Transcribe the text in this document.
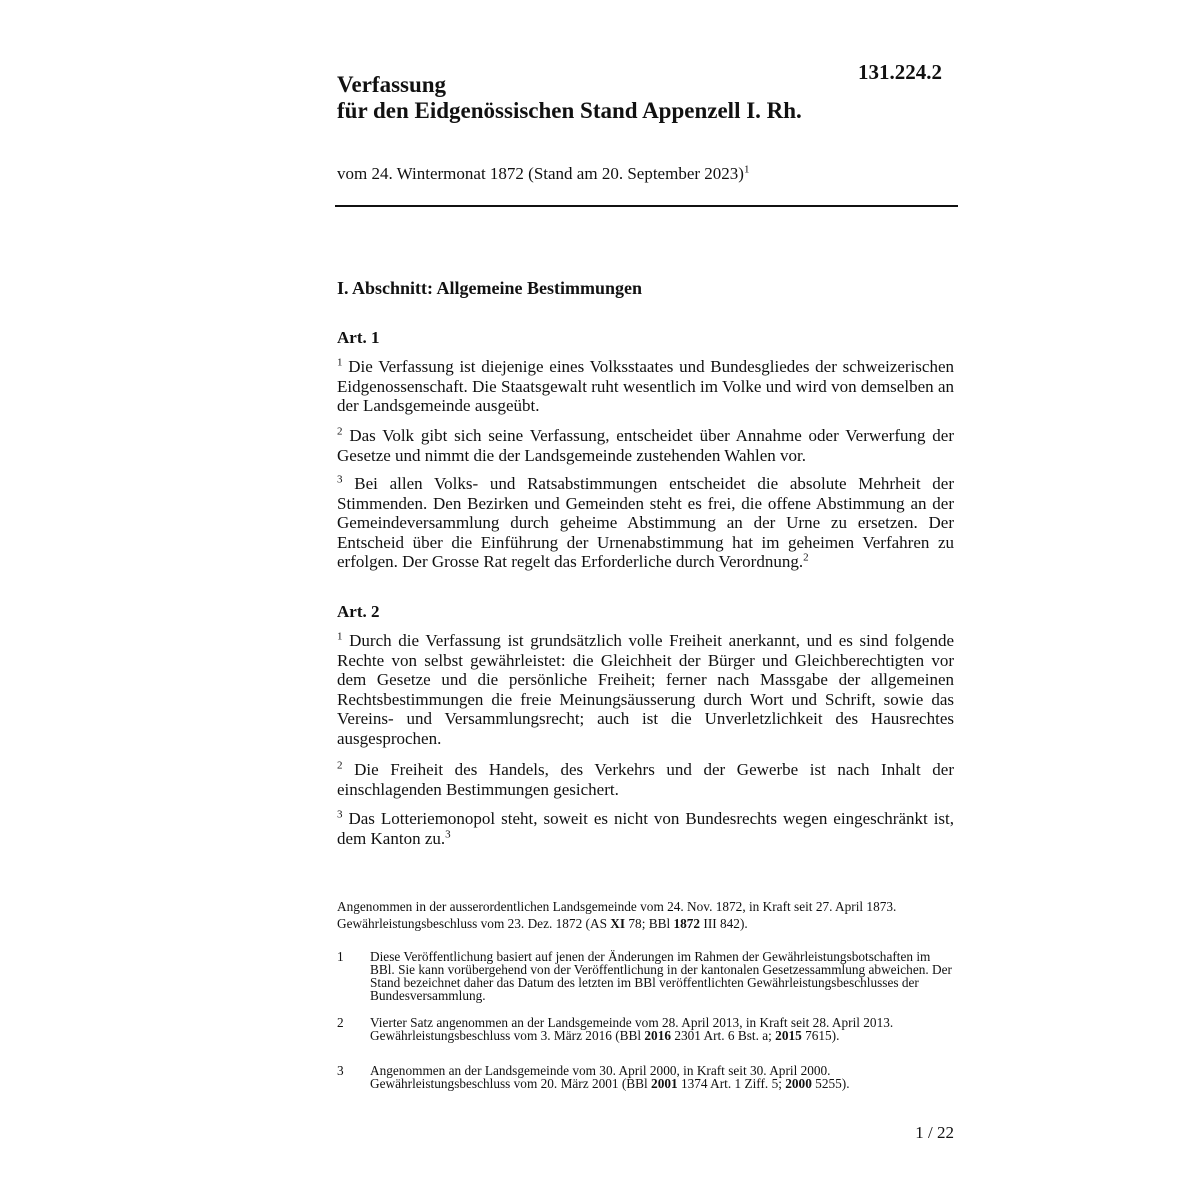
131.224.2
Verfassung
für den Eidgenössischen Stand Appenzell I. Rh.
vom 24. Wintermonat 1872 (Stand am 20. September 2023)$^1$
I. Abschnitt: Allgemeine Bestimmungen
Art. 1
$^1$ Die Verfassung ist diejenige eines Volksstaates und Bundesgliedes der schweizerischen Eidgenossenschaft. Die Staatsgewalt ruht wesentlich im Volke und wird von demselben an der Landsgemeinde ausgeübt.
$^2$ Das Volk gibt sich seine Verfassung, entscheidet über Annahme oder Verwerfung der Gesetze und nimmt die der Landsgemeinde zustehenden Wahlen vor.
$^3$ Bei allen Volks- und Ratsabstimmungen entscheidet die absolute Mehrheit der Stimmenden. Den Bezirken und Gemeinden steht es frei, die offene Abstimmung an der Gemeindeversammlung durch geheime Abstimmung an der Urne zu ersetzen. Der Entscheid über die Einführung der Urnenabstimmung hat im geheimen Verfahren zu erfolgen. Der Grosse Rat regelt das Erforderliche durch Verordnung.$^2$
Art. 2
$^1$ Durch die Verfassung ist grundsätzlich volle Freiheit anerkannt, und es sind folgende Rechte von selbst gewährleistet: die Gleichheit der Bürger und Gleichberechtigten vor dem Gesetze und die persönliche Freiheit; ferner nach Massgabe der allgemeinen Rechtsbestimmungen die freie Meinungsäusserung durch Wort und Schrift, sowie das Vereins- und Versammlungsrecht; auch ist die Unverletzlichkeit des Hausrechtes ausgesprochen.
$^2$ Die Freiheit des Handels, des Verkehrs und der Gewerbe ist nach Inhalt der einschlagenden Bestimmungen gesichert.
$^3$ Das Lotteriemonopol steht, soweit es nicht von Bundesrechts wegen eingeschränkt ist, dem Kanton zu.$^3$
Angenommen in der ausserordentlichen Landsgemeinde vom 24. Nov. 1872, in Kraft seit 27. April 1873. Gewährleistungsbeschluss vom 23. Dez. 1872 (AS XI 78; BBl 1872 III 842).
1	Diese Veröffentlichung basiert auf jenen der Änderungen im Rahmen der Gewährleistungsbotschaften im BBl. Sie kann vorübergehend von der Veröffentlichung in der kantonalen Gesetzessammlung abweichen. Der Stand bezeichnet daher das Datum des letzten im BBl veröffentlichten Gewährleistungsbeschlusses der Bundesversammlung.
2	Vierter Satz angenommen an der Landsgemeinde vom 28. April 2013, in Kraft seit 28. April 2013. Gewährleistungsbeschluss vom 3. März 2016 (BBl 2016 2301 Art. 6 Bst. a; 2015 7615).
3	Angenommen an der Landsgemeinde vom 30. April 2000, in Kraft seit 30. April 2000. Gewährleistungsbeschluss vom 20. März 2001 (BBl 2001 1374 Art. 1 Ziff. 5; 2000 5255).
1 / 22
